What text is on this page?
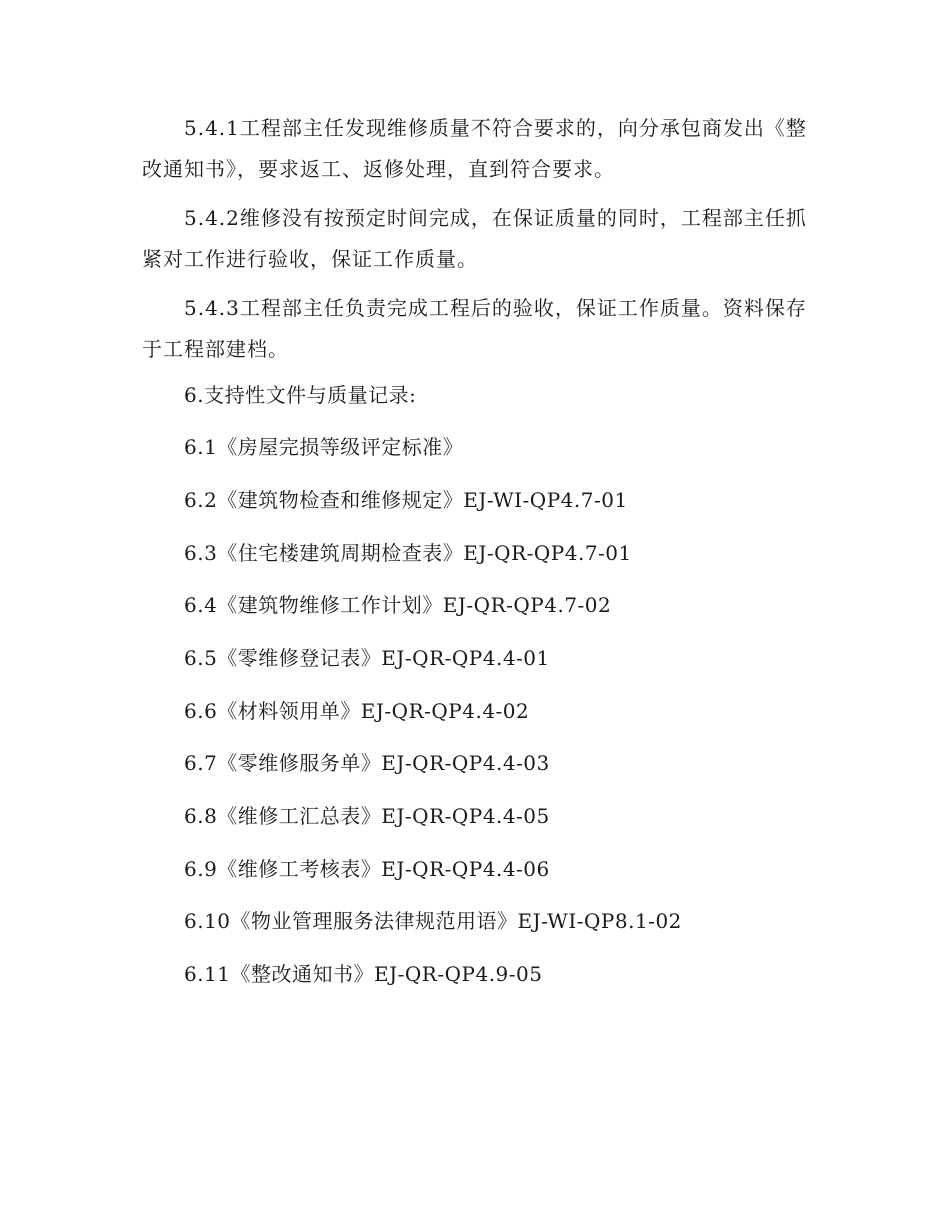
5.4.1工程部主任发现维修质量不符合要求的，向分承包商发出《整改通知书》，要求返工、返修处理，直到符合要求。

5.4.2维修没有按预定时间完成，在保证质量的同时，工程部主任抓紧对工作进行验收，保证工作质量。

5.4.3工程部主任负责完成工程后的验收，保证工作质量。资料保存于工程部建档。

6.支持性文件与质量记录:

6.1《房屋完损等级评定标准》

6.2《建筑物检查和维修规定》EJ-WI-QP4.7-01

6.3《住宅楼建筑周期检查表》EJ-QR-QP4.7-01

6.4《建筑物维修工作计划》EJ-QR-QP4.7-02

6.5《零维修登记表》EJ-QR-QP4.4-01

6.6《材料领用单》EJ-QR-QP4.4-02

6.7《零维修服务单》EJ-QR-QP4.4-03

6.8《维修工汇总表》EJ-QR-QP4.4-05

6.9《维修工考核表》EJ-QR-QP4.4-06

6.10《物业管理服务法律规范用语》EJ-WI-QP8.1-02

6.11《整改通知书》EJ-QR-QP4.9-05
